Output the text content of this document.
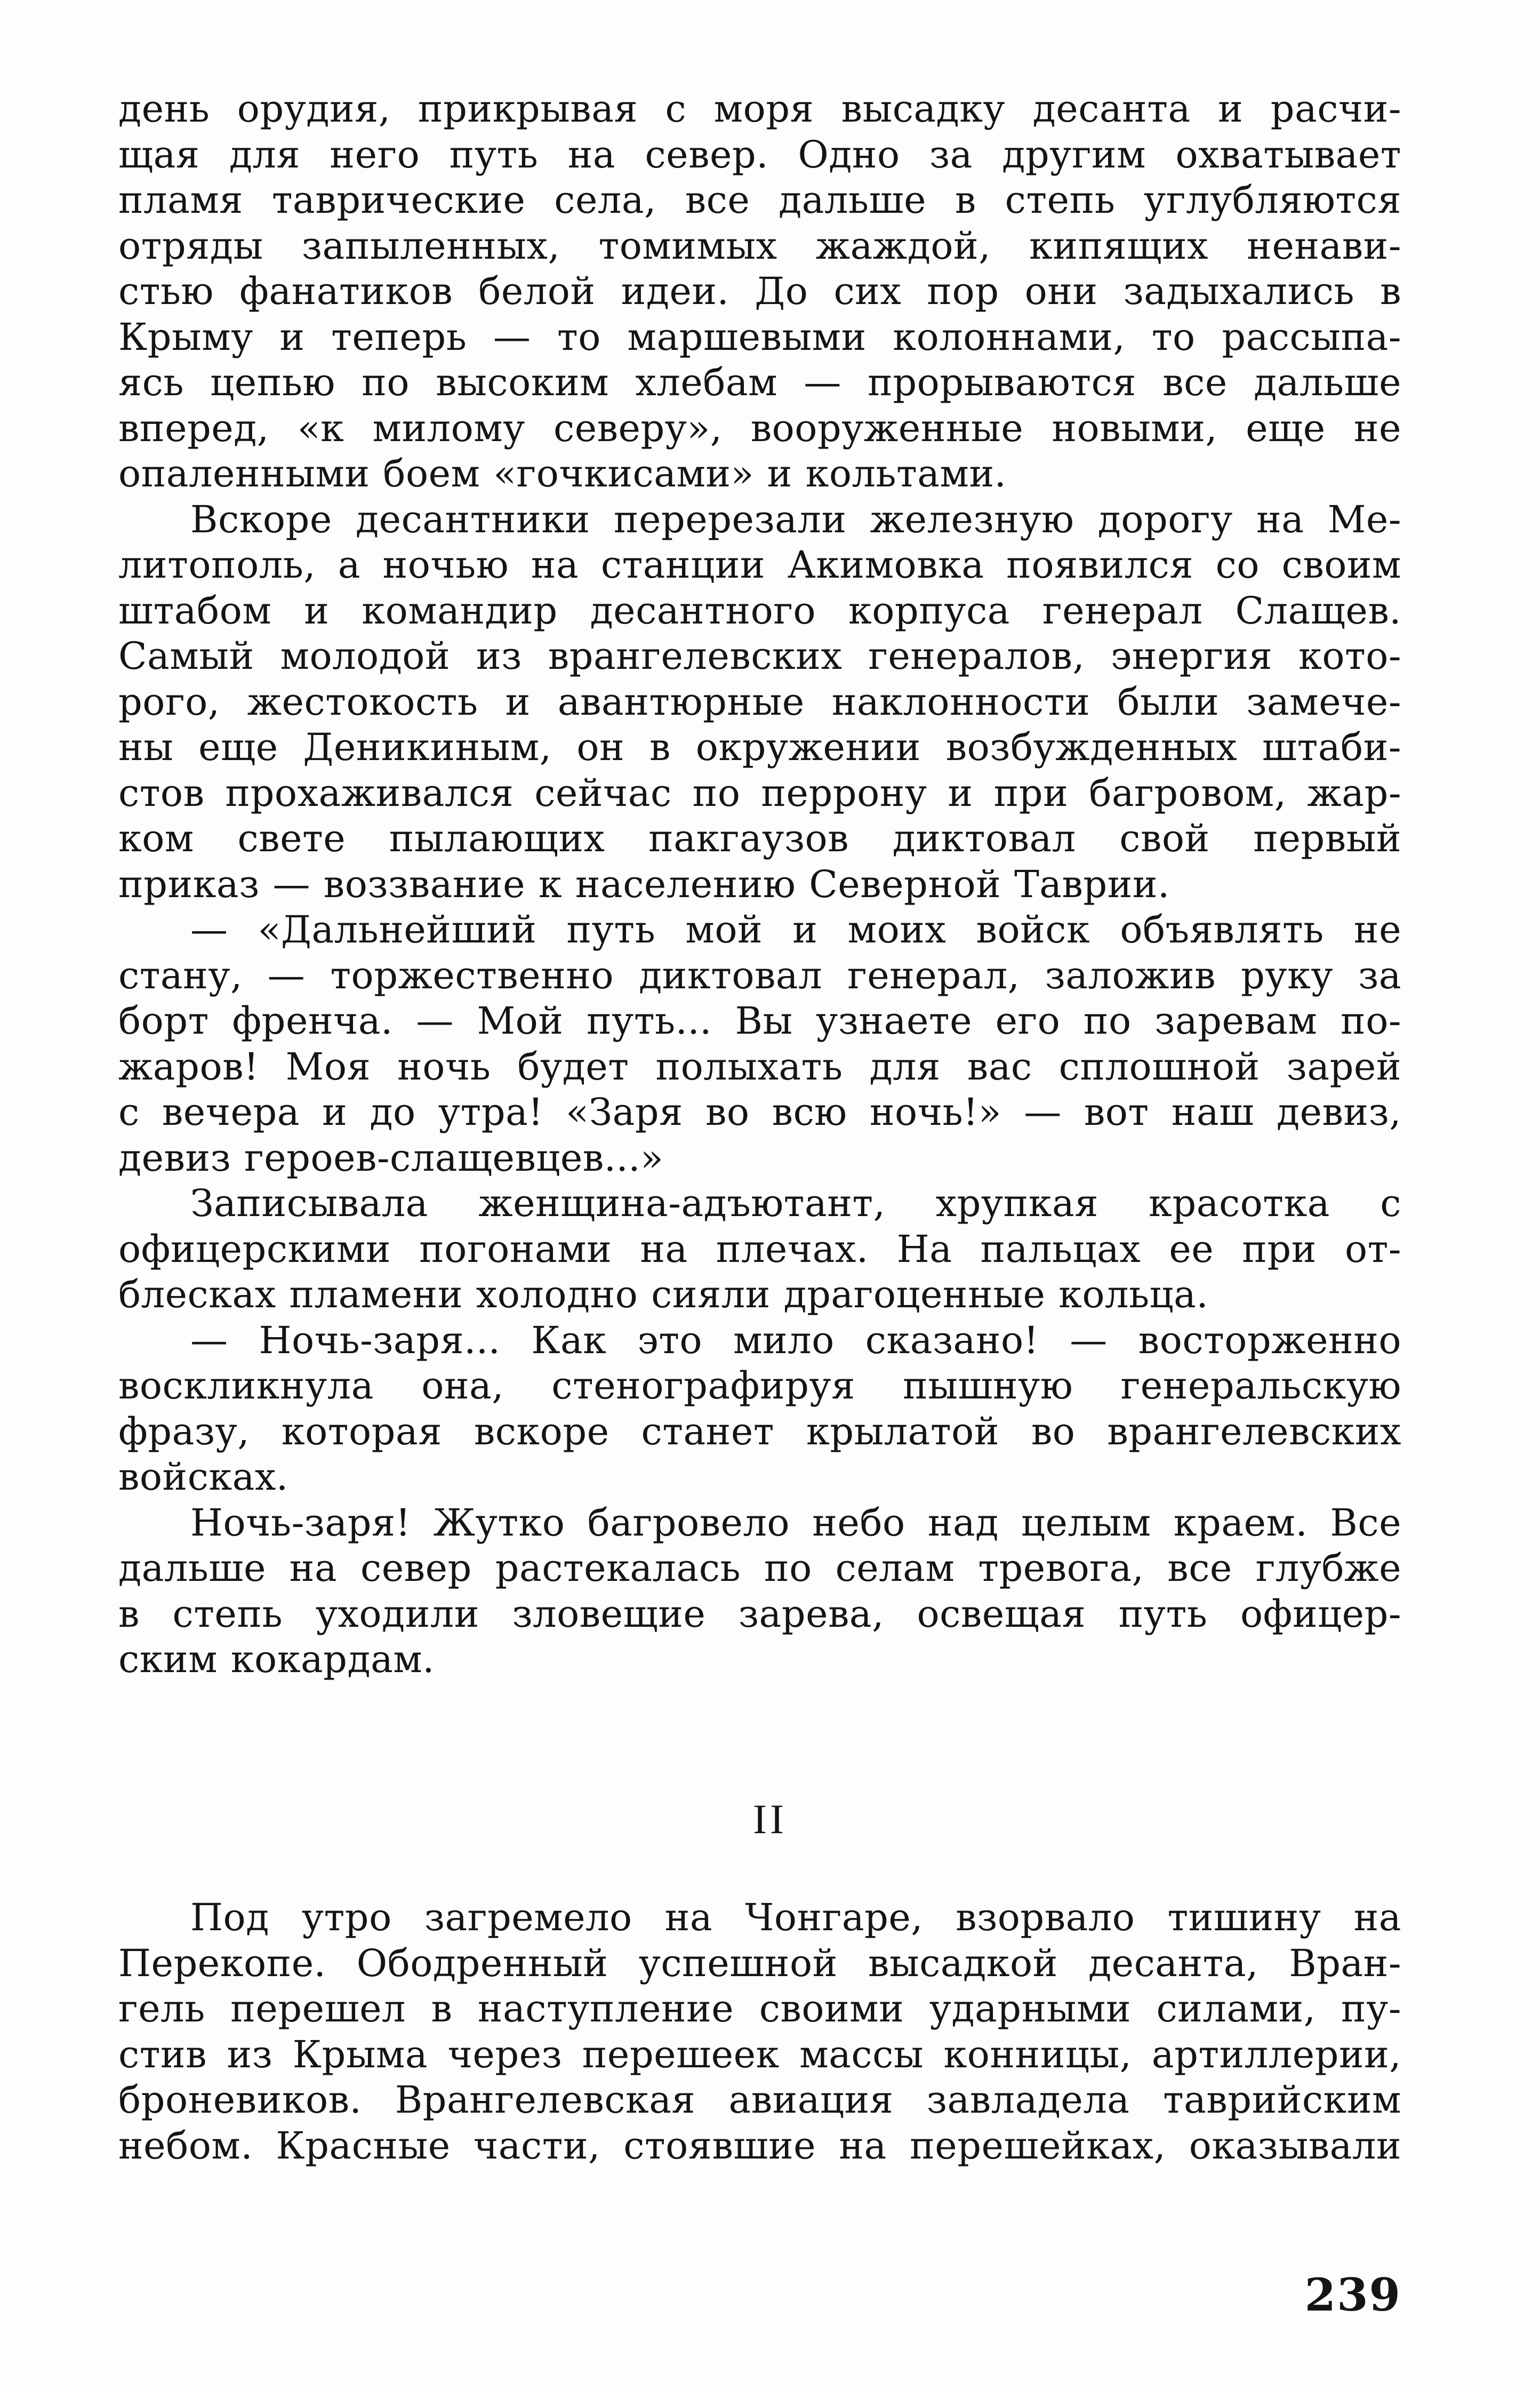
день орудия, прикрывая с моря высадку десанта и расчи-
щая для него путь на север. Одно за другим охватывает
пламя таврические села, все дальше в степь углубляются
отряды запыленных, томимых жаждой, кипящих ненави-
стью фанатиков белой идеи. До сих пор они задыхались в
Крыму и теперь — то маршевыми колоннами, то рассыпа-
ясь цепью по высоким хлебам — прорываются все дальше
вперед, «к милому северу», вооруженные новыми, еще не
опаленными боем «гочкисами» и кольтами.
Вскоре десантники перерезали железную дорогу на Ме-
литополь, а ночью на станции Акимовка появился со своим
штабом и командир десантного корпуса генерал Слащев.
Самый молодой из врангелевских генералов, энергия кото-
рого, жестокость и авантюрные наклонности были замече-
ны еще Деникиным, он в окружении возбужденных штаби-
стов прохаживался сейчас по перрону и при багровом, жар-
ком свете пылающих пакгаузов диктовал свой первый
приказ — воззвание к населению Северной Таврии.
— «Дальнейший путь мой и моих войск объявлять не
стану, — торжественно диктовал генерал, заложив руку за
борт френча. — Мой путь... Вы узнаете его по заревам по-
жаров! Моя ночь будет полыхать для вас сплошной зарей
с вечера и до утра! «Заря во всю ночь!» — вот наш девиз,
девиз героев-слащевцев...»
Записывала женщина-адъютант, хрупкая красотка с
офицерскими погонами на плечах. На пальцах ее при от-
блесках пламени холодно сияли драгоценные кольца.
— Ночь-заря... Как это мило сказано! — восторженно
воскликнула она, стенографируя пышную генеральскую
фразу, которая вскоре станет крылатой во врангелевских
войсках.
Ночь-заря! Жутко багровело небо над целым краем. Все
дальше на север растекалась по селам тревога, все глубже
в степь уходили зловещие зарева, освещая путь офицер-
ским кокардам.
II
Под утро загремело на Чонгаре, взорвало тишину на
Перекопе. Ободренный успешной высадкой десанта, Вран-
гель перешел в наступление своими ударными силами, пу-
стив из Крыма через перешеек массы конницы, артиллерии,
броневиков. Врангелевская авиация завладела таврийским
небом. Красные части, стоявшие на перешейках, оказывали
239
